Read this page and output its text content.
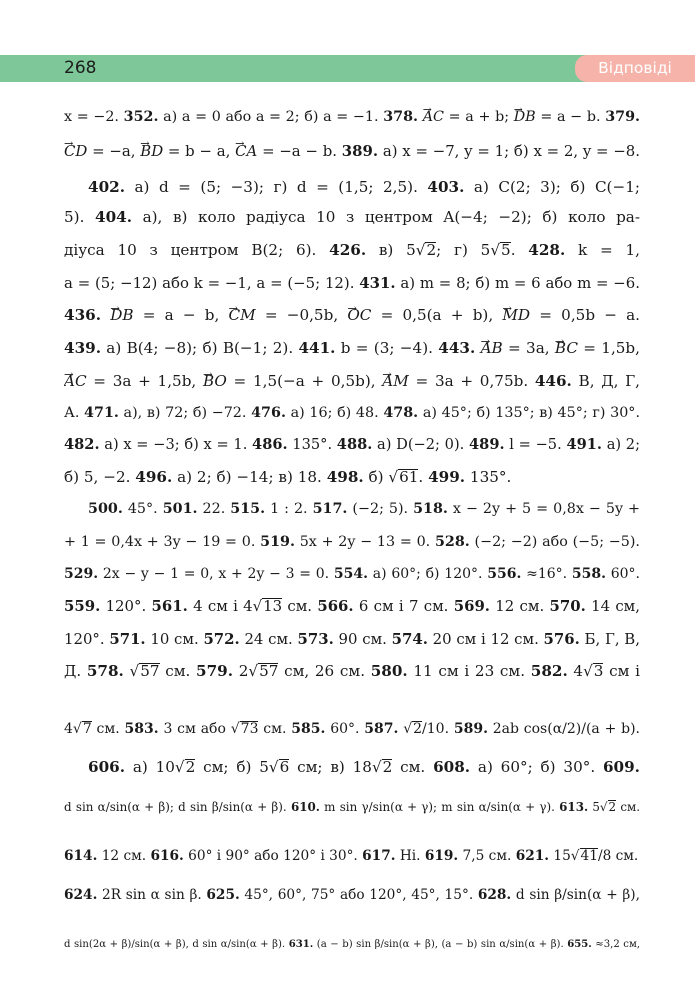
268	Відповіді
x = −2. 352. а) a = 0 або a = 2; б) a = −1. 378. → AC = a + b; → DB = a − b. 379.
→ CD = −a, → BD = b − a, → CA = −a − b. 389. а) x = −7, y = 1; б) x = 2, y = −8.
402. а) d = (5; −3); г) d = (1,5; 2,5). 403. а) C(2; 3); б) C(−1;
5). 404. а), в) коло радіуса 10 з центром A(−4; −2); б) коло ра-
діуса 10 з центром B(2; 6). 426. в) 5√2; г) 5√5. 428. k = 1,
a = (5; −12) або k = −1, a = (−5; 12). 431. а) m = 8; б) m = 6 або m = −6.
436. → DB = a − b, → CM = −0,5b, → OC = 0,5(a + b), → MD = 0,5b − a.
439. а) B(4; −8); б) B(−1; 2). 441. b = (3; −4). 443. → AB = 3a, → BC = 1,5b,
→ AC = 3a + 1,5b, → BO = 1,5(−a + 0,5b), → AM = 3a + 0,75b. 446. В, Д, Г,
А. 471. а), в) 72; б) −72. 476. а) 16; б) 48. 478. а) 45°; б) 135°; в) 45°; г) 30°.
482. а) x = −3; б) x = 1. 486. 135°. 488. а) D(−2; 0). 489. l = −5. 491. а) 2;
б) 5, −2. 496. а) 2; б) −14; в) 18. 498. б) √61. 499. 135°.
500. 45°. 501. 22. 515. 1 : 2. 517. (−2; 5). 518. x − 2y + 5 = 0,8x − 5y +
+ 1 = 0,4x + 3y − 19 = 0. 519. 5x + 2y − 13 = 0. 528. (−2; −2) або (−5; −5).
529. 2x − y − 1 = 0, x + 2y − 3 = 0. 554. а) 60°; б) 120°. 556. ≈16°. 558. 60°.
559. 120°. 561. 4 см і 4√13 см. 566. 6 см і 7 см. 569. 12 см. 570. 14 см,
120°. 571. 10 см. 572. 24 см. 573. 90 см. 574. 20 см і 12 см. 576. Б, Г, В,
Д. 578. √57 см. 579. 2√57 см, 26 см. 580. 11 см і 23 см. 582. 4√3 см і
4√7 см. 583. 3 см або √73 см. 585. 60°. 587. √2/10. 589. 2ab cos(α/2)/(a + b).
606. а) 10√2 см; б) 5√6 см; в) 18√2 см. 608. а) 60°; б) 30°. 609.
d sin α/sin(α + β); d sin β/sin(α + β). 610. m sin γ/sin(α + γ); m sin α/sin(α + γ). 613. 5√2 см.
614. 12 см. 616. 60° і 90° або 120° і 30°. 617. Ні. 619. 7,5 см. 621. 15√41/8 см.
624. 2R sin α sin β. 625. 45°, 60°, 75° або 120°, 45°, 15°. 628. d sin β/sin(α + β),
d sin(2α + β)/sin(α + β), d sin α/sin(α + β). 631. (a − b) sin β/sin(α + β), (a − b) sin α/sin(α + β). 655. ≈3,2 см,
